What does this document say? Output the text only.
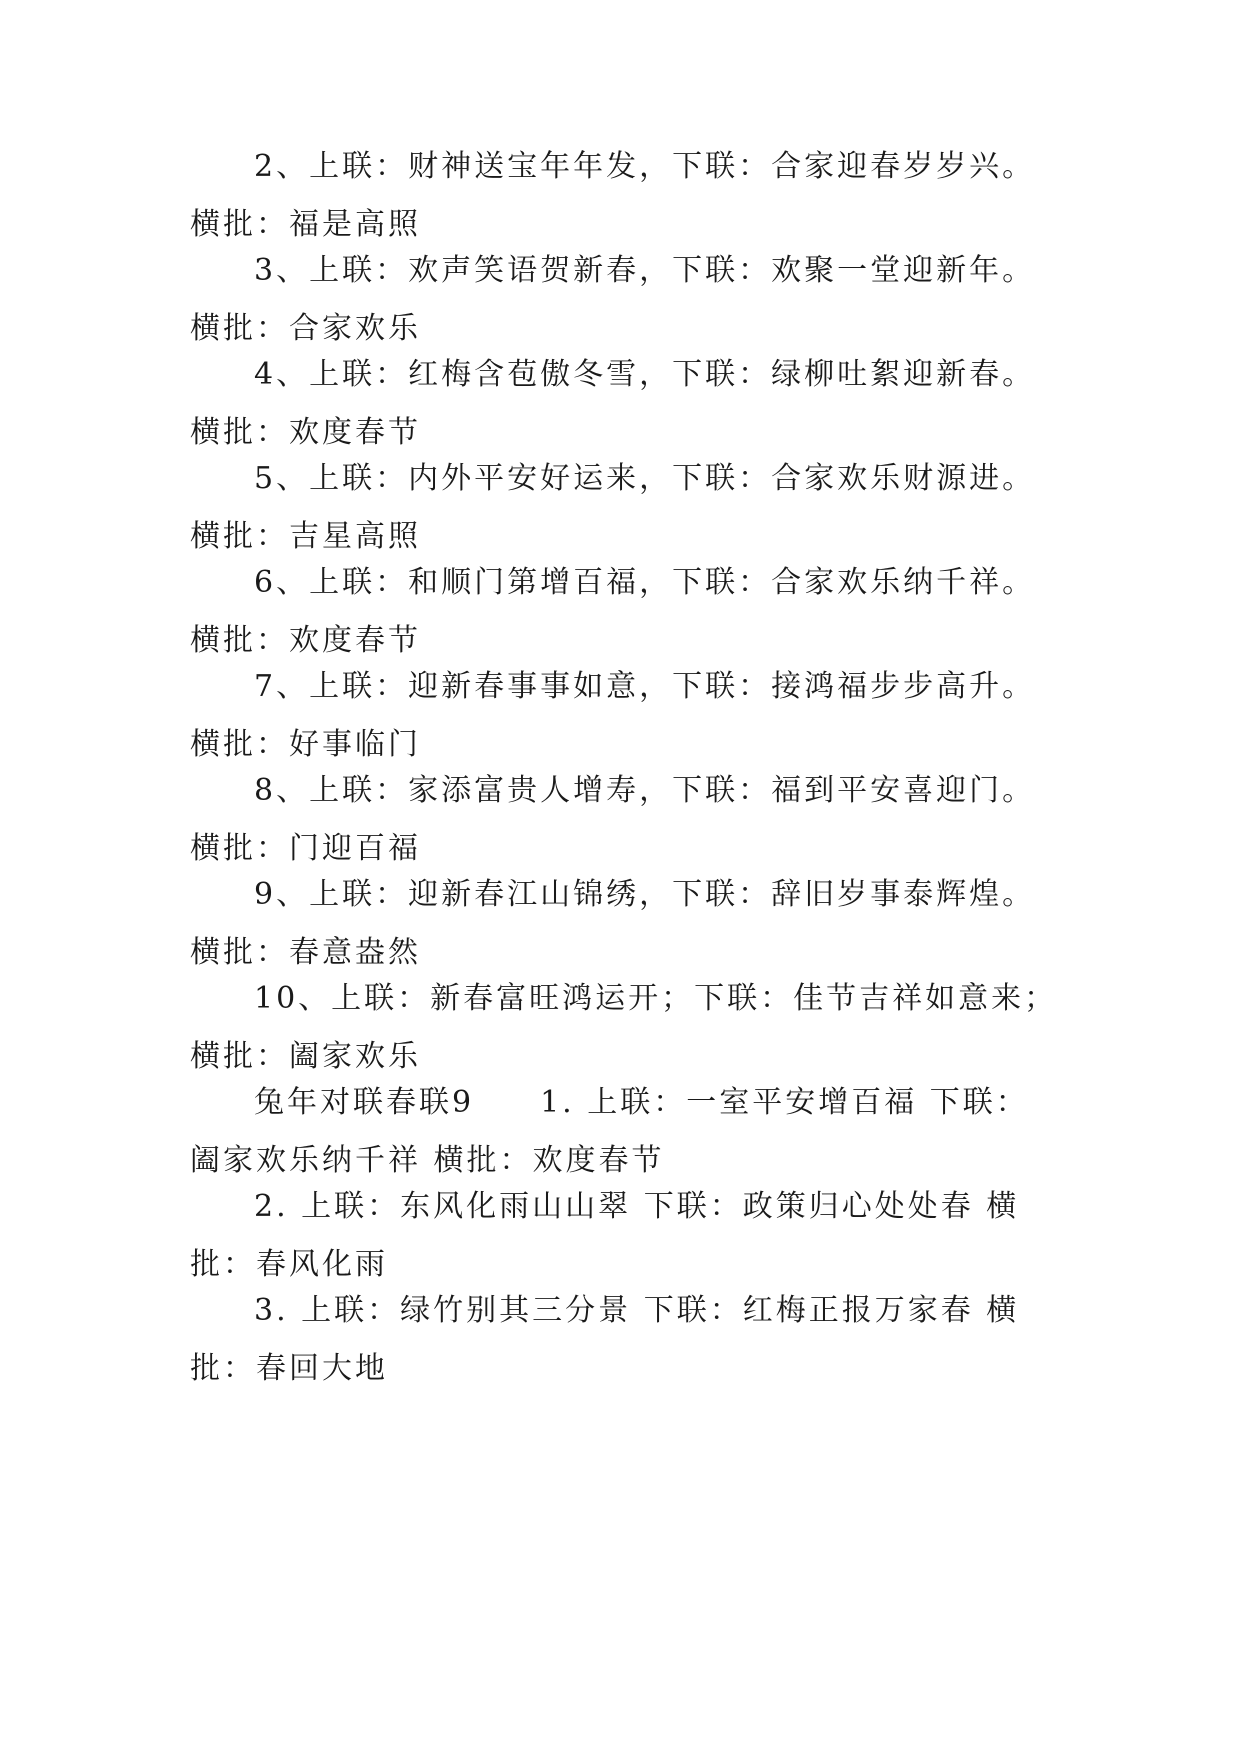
2、上联：财神送宝年年发，下联：合家迎春岁岁兴。
横批：福是高照
3、上联：欢声笑语贺新春，下联：欢聚一堂迎新年。
横批：合家欢乐
4、上联：红梅含苞傲冬雪，下联：绿柳吐絮迎新春。
横批：欢度春节
5、上联：内外平安好运来，下联：合家欢乐财源进。
横批：吉星高照
6、上联：和顺门第增百福，下联：合家欢乐纳千祥。
横批：欢度春节
7、上联：迎新春事事如意，下联：接鸿福步步高升。
横批：好事临门
8、上联：家添富贵人增寿，下联：福到平安喜迎门。
横批：门迎百福
9、上联：迎新春江山锦绣，下联：辞旧岁事泰辉煌。
横批：春意盎然
10、上联：新春富旺鸿运开；下联：佳节吉祥如意来；
横批：阖家欢乐
兔年对联春联9　　1. 上联：一室平安增百福 下联：
阖家欢乐纳千祥 横批：欢度春节
2. 上联：东风化雨山山翠 下联：政策归心处处春 横
批：春风化雨
3. 上联：绿竹别其三分景 下联：红梅正报万家春 横
批：春回大地
